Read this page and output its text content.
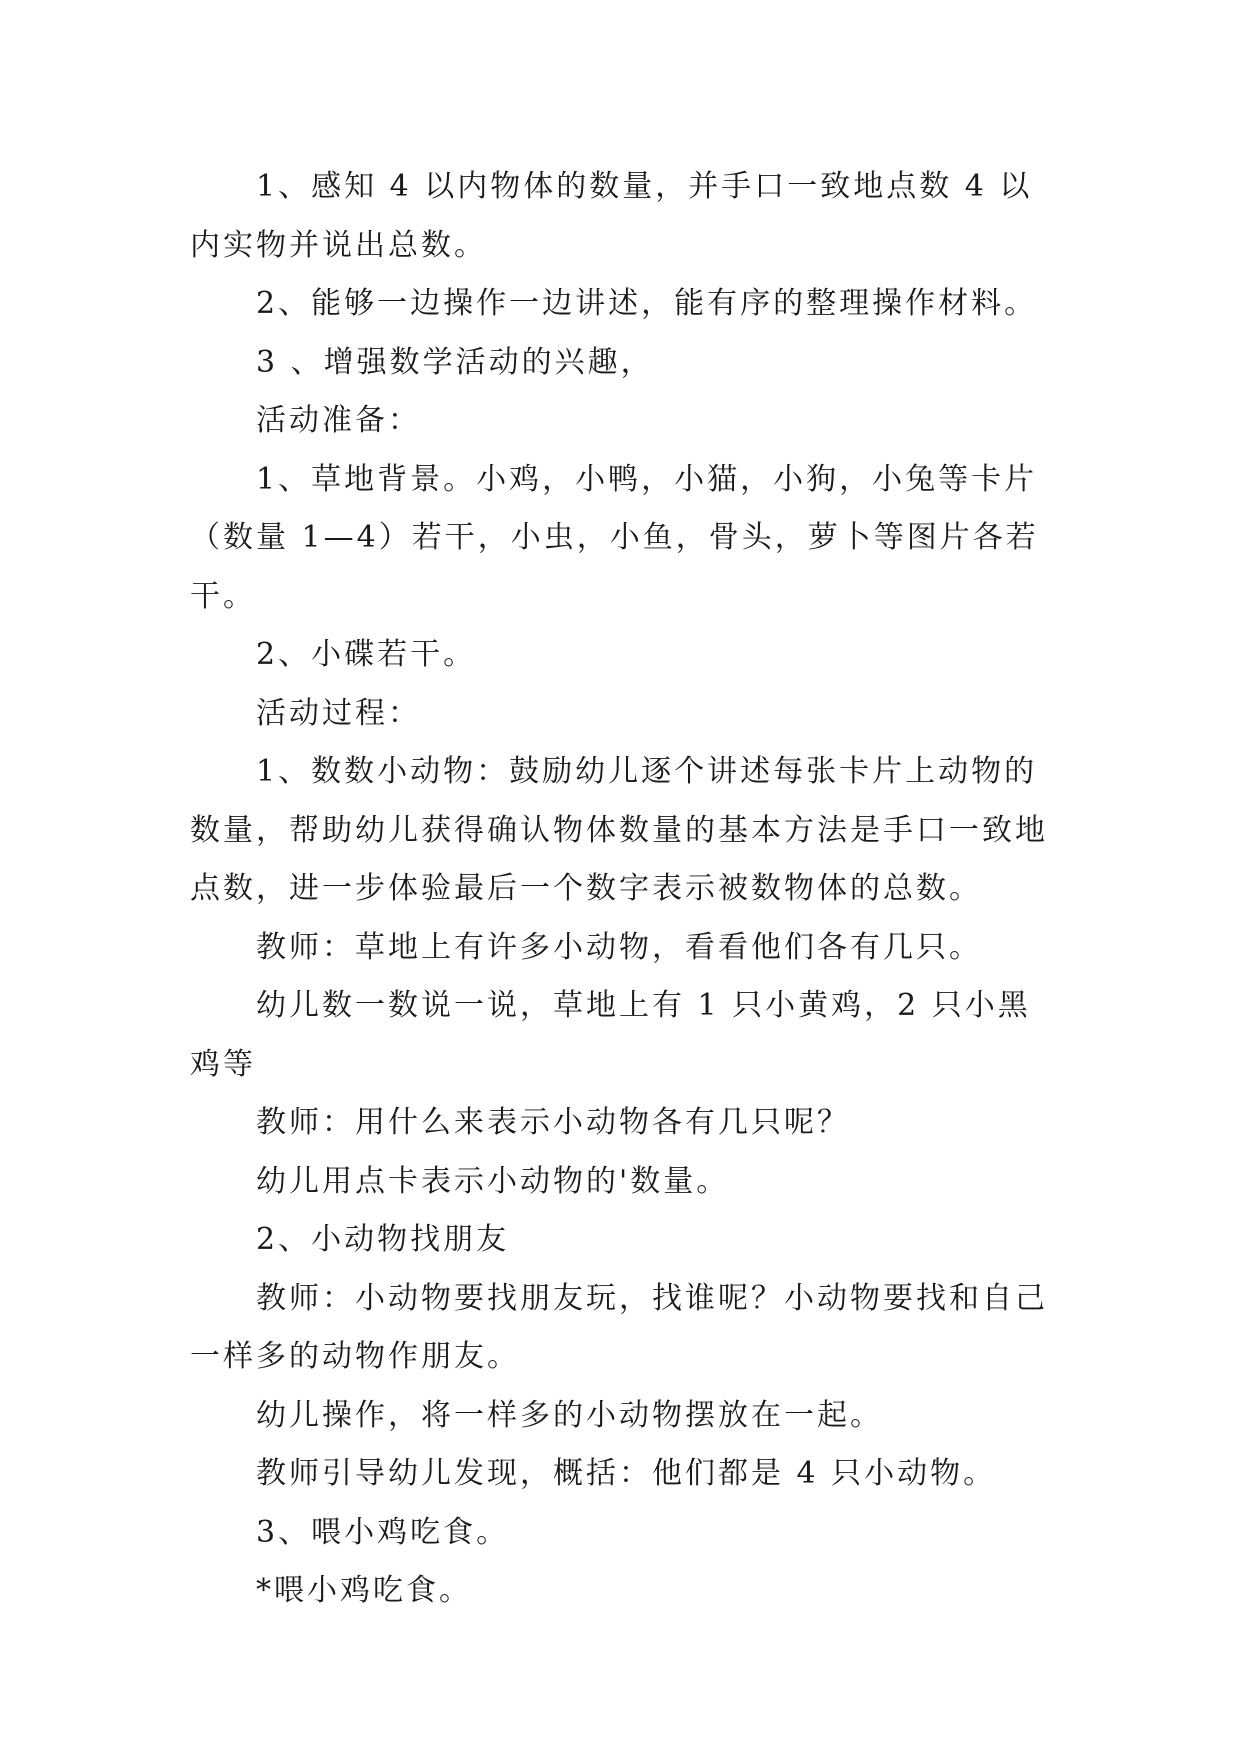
1、感知 4 以内物体的数量，并手口一致地点数 4 以内实物并说出总数。

2、能够一边操作一边讲述，能有序的整理操作材料。

3 、增强数学活动的兴趣，

活动准备：

1、草地背景。小鸡，小鸭，小猫，小狗，小兔等卡片（数量 1—4）若干，小虫，小鱼，骨头，萝卜等图片各若干。

2、小碟若干。

活动过程：

1、数数小动物：鼓励幼儿逐个讲述每张卡片上动物的数量，帮助幼儿获得确认物体数量的基本方法是手口一致地点数，进一步体验最后一个数字表示被数物体的总数。

教师：草地上有许多小动物，看看他们各有几只。

幼儿数一数说一说，草地上有 1 只小黄鸡，2 只小黑鸡等

教师：用什么来表示小动物各有几只呢？

幼儿用点卡表示小动物的'数量。

2、小动物找朋友

教师：小动物要找朋友玩，找谁呢？小动物要找和自己一样多的动物作朋友。

幼儿操作，将一样多的小动物摆放在一起。

教师引导幼儿发现，概括：他们都是 4 只小动物。

3、喂小鸡吃食。

*喂小鸡吃食。
